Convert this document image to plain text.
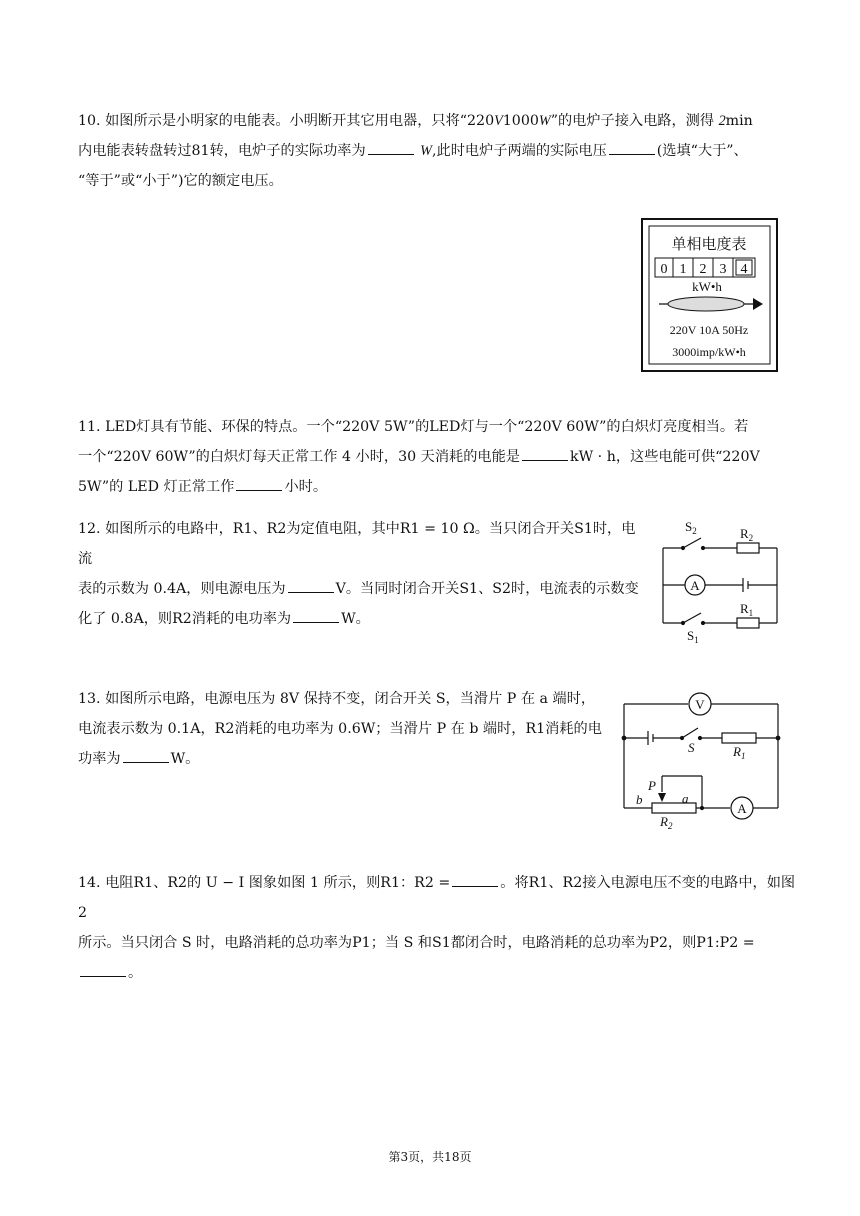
10. 如图所示是小明家的电能表。小明断开其它用电器，只将“220V1000W”的电炉子接入电路，测得 2min
内电能表转盘转过81转，电炉子的实际功率为	W,此时电炉子两端的实际电压	(选填“大于”、
“等于”或“小于”)它的额定电压。
单相电度表
0 1 2 3 4
kW•h
220V 10A 50Hz
3000imp/kW•h
11. LED灯具有节能、环保的特点。一个“220V 5W”的LED灯与一个“220V 60W”的白炽灯亮度相当。若
一个“220V 60W”的白炽灯每天正常工作 4 小时，30 天消耗的电能是	kW · h，这些电能可供“220V
5W”的 LED 灯正常工作	小时。
12. 如图所示的电路中，R1、R2为定值电阻，其中R1 = 10 Ω。当只闭合开关S1时，电流
表的示数为 0.4A，则电源电压为	V。当同时闭合开关S1、S2时，电流表的示数变
化了 0.8A，则R2消耗的电功率为	W。
$S_2$	$R_2$
A
$R_1$
$S_1$
13. 如图所示电路，电源电压为 8V 保持不变，闭合开关 S，当滑片 P 在 a 端时，
电流表示数为 0.1A，R2消耗的电功率为 0.6W；当滑片 P 在 b 端时，R1消耗的电
功率为	W。
V
S	$R_1$
P
b	a
$R_2$
A
14. 电阻R1、R2的 U − I 图象如图 1 所示，则R1：R2 =	。将R1、R2接入电源电压不变的电路中，如图 2
所示。当只闭合 S 时，电路消耗的总功率为P1；当 S 和S1都闭合时，电路消耗的总功率为P2，则P1:P2 =。
第3页，共18页
